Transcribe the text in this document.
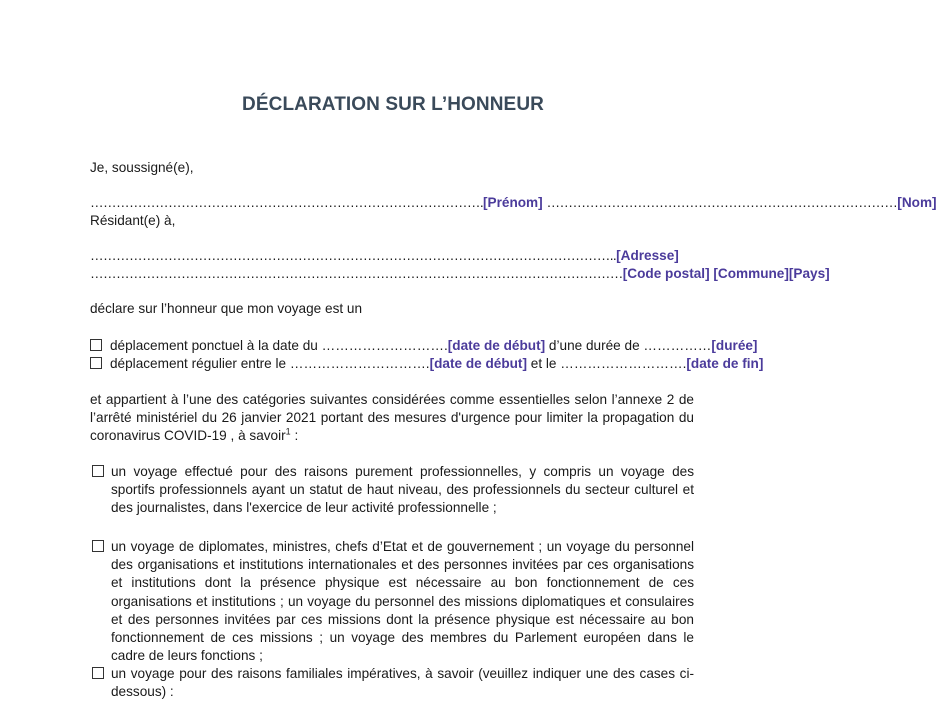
DÉCLARATION SUR L’HONNEUR
Je, soussigné(e),
……………………………………………………………………………….[Prénom] ………………………………………………………………………[Nom]
Résidant(e) à,
…………………………………………………………………………………………………………..[Adresse]
……………………………………………………………………………………………………………[Code postal] [Commune][Pays]
déclare sur l’honneur que mon voyage est un
déplacement ponctuel à la date du ……………………….[date de début] d’une durée de ……………[durée]
déplacement régulier entre le ………………………….[date de début] et le ……………………….[date de fin]
et appartient à l’une des catégories suivantes considérées comme essentielles selon l’annexe 2 de l’arrêté ministériel du 26 janvier 2021 portant des mesures d'urgence pour limiter la propagation du coronavirus COVID-19 , à savoir$^1$ :
un voyage effectué pour des raisons purement professionnelles, y compris un voyage des sportifs professionnels ayant un statut de haut niveau, des professionnels du secteur culturel et des journalistes, dans l'exercice de leur activité professionnelle ;
un voyage de diplomates, ministres, chefs d’Etat et de gouvernement ; un voyage du personnel des organisations et institutions internationales et des personnes invitées par ces organisations et institutions dont la présence physique est nécessaire au bon fonctionnement de ces organisations et institutions ; un voyage du personnel des missions diplomatiques et consulaires et des personnes invitées par ces missions dont la présence physique est nécessaire au bon fonctionnement de ces missions ; un voyage des membres du Parlement européen dans le cadre de leurs fonctions ;
un voyage pour des raisons familiales impératives, à savoir (veuillez indiquer une des cases ci-dessous) :
